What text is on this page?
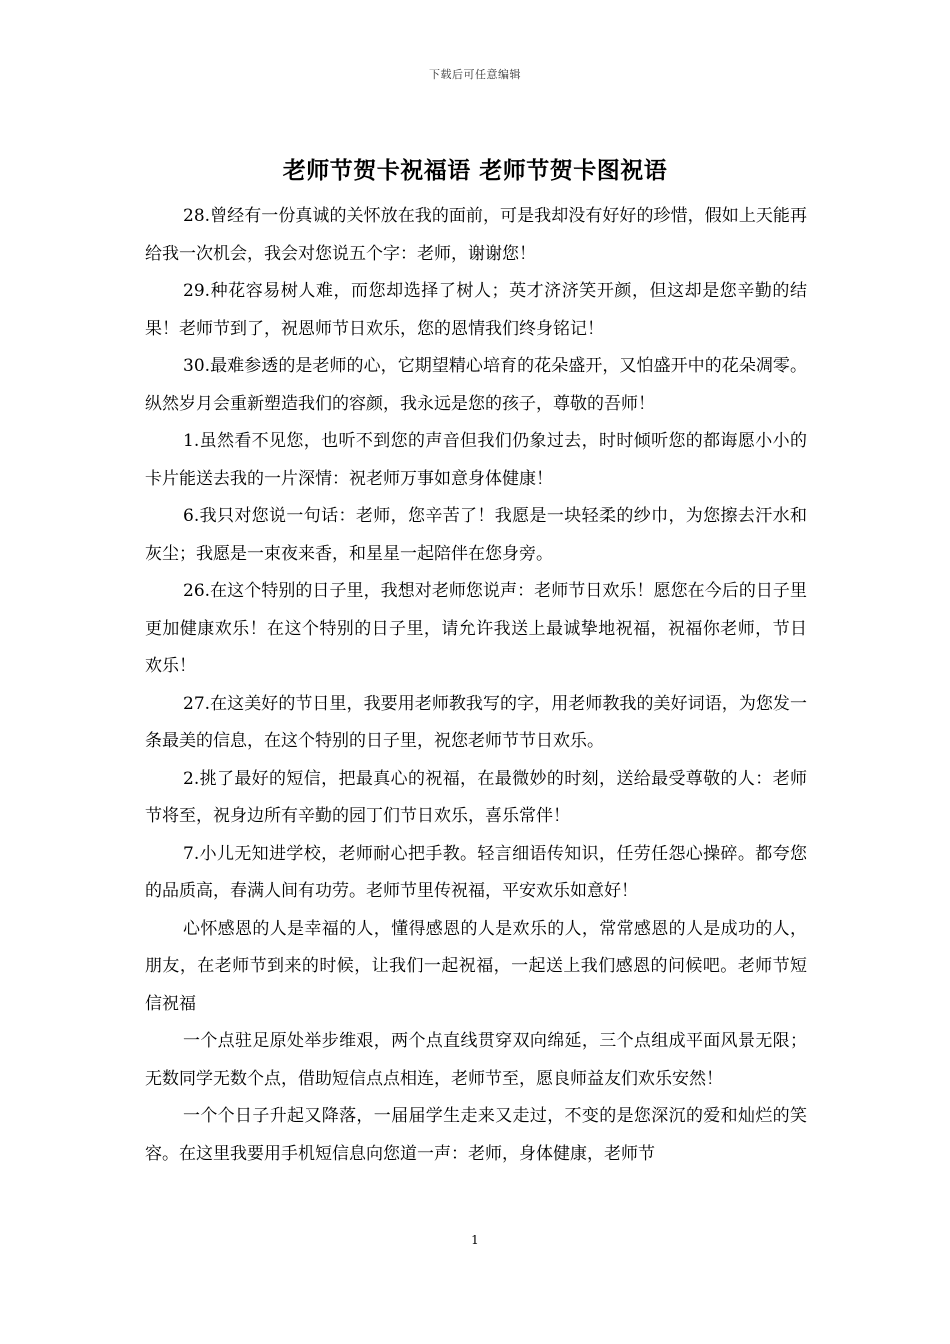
下载后可任意编辑
老师节贺卡祝福语 老师节贺卡图祝语

28.曾经有一份真诚的关怀放在我的面前，可是我却没有好好的珍惜，假如上天能再给我一次机会，我会对您说五个字：老师，谢谢您！

29.种花容易树人难，而您却选择了树人；英才济济笑开颜，但这却是您辛勤的结果！老师节到了，祝恩师节日欢乐，您的恩情我们终身铭记！

30.最难参透的是老师的心，它期望精心培育的花朵盛开，又怕盛开中的花朵凋零。纵然岁月会重新塑造我们的容颜，我永远是您的孩子，尊敬的吾师！

1.虽然看不见您，也听不到您的声音但我们仍象过去，时时倾听您的都诲愿小小的卡片能送去我的一片深情：祝老师万事如意身体健康！

6.我只对您说一句话：老师，您辛苦了！我愿是一块轻柔的纱巾，为您擦去汗水和灰尘；我愿是一束夜来香，和星星一起陪伴在您身旁。

26.在这个特别的日子里，我想对老师您说声：老师节日欢乐！愿您在今后的日子里更加健康欢乐！在这个特别的日子里，请允许我送上最诚挚地祝福，祝福你老师，节日欢乐！

27.在这美好的节日里，我要用老师教我写的字，用老师教我的美好词语，为您发一条最美的信息，在这个特别的日子里，祝您老师节节日欢乐。

2.挑了最好的短信，把最真心的祝福，在最微妙的时刻，送给最受尊敬的人：老师节将至，祝身边所有辛勤的园丁们节日欢乐，喜乐常伴！

7.小儿无知进学校，老师耐心把手教。轻言细语传知识，任劳任怨心操碎。都夸您的品质高，春满人间有功劳。老师节里传祝福，平安欢乐如意好！

心怀感恩的人是幸福的人，懂得感恩的人是欢乐的人，常常感恩的人是成功的人，朋友，在老师节到来的时候，让我们一起祝福，一起送上我们感恩的问候吧。老师节短信祝福

一个点驻足原处举步维艰，两个点直线贯穿双向绵延，三个点组成平面风景无限；无数同学无数个点，借助短信点点相连，老师节至，愿良师益友们欢乐安然！

一个个日子升起又降落，一届届学生走来又走过，不变的是您深沉的爱和灿烂的笑容。在这里我要用手机短信息向您道一声：老师，身体健康，老师节

1
